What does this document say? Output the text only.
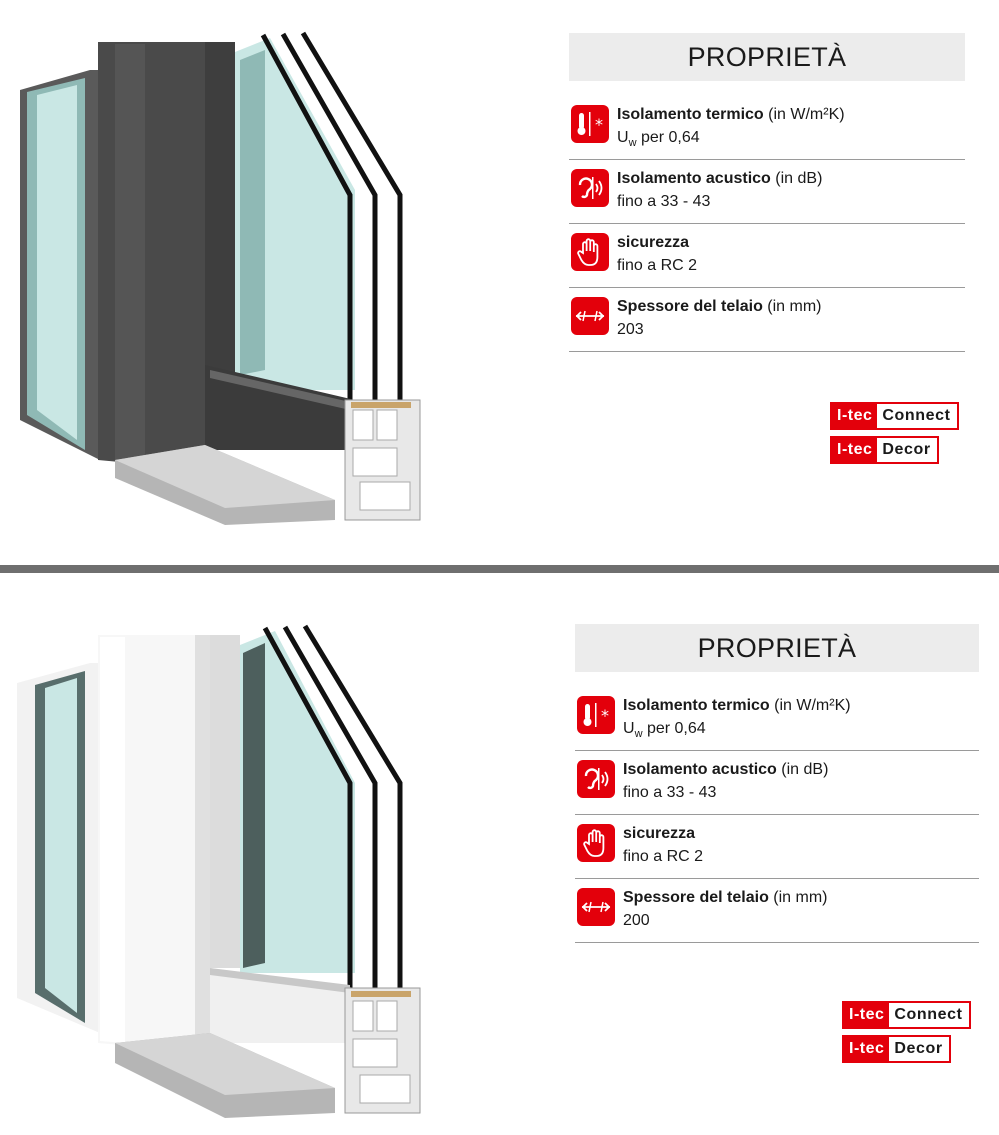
PROPRIETÀ
*
Isolamento termico (in W/m²K)
$U_w$ per 0,64
Isolamento acustico (in dB)
fino a 33 - 43
sicurezza
fino a RC 2
Spessore del telaio (in mm)
203
I-tec Connect
I-tec Decor
PROPRIETÀ
*
Isolamento termico (in W/m²K)
$U_w$ per 0,64
Isolamento acustico (in dB)
fino a 33 - 43
sicurezza
fino a RC 2
Spessore del telaio (in mm)
200
I-tec Connect
I-tec Decor
